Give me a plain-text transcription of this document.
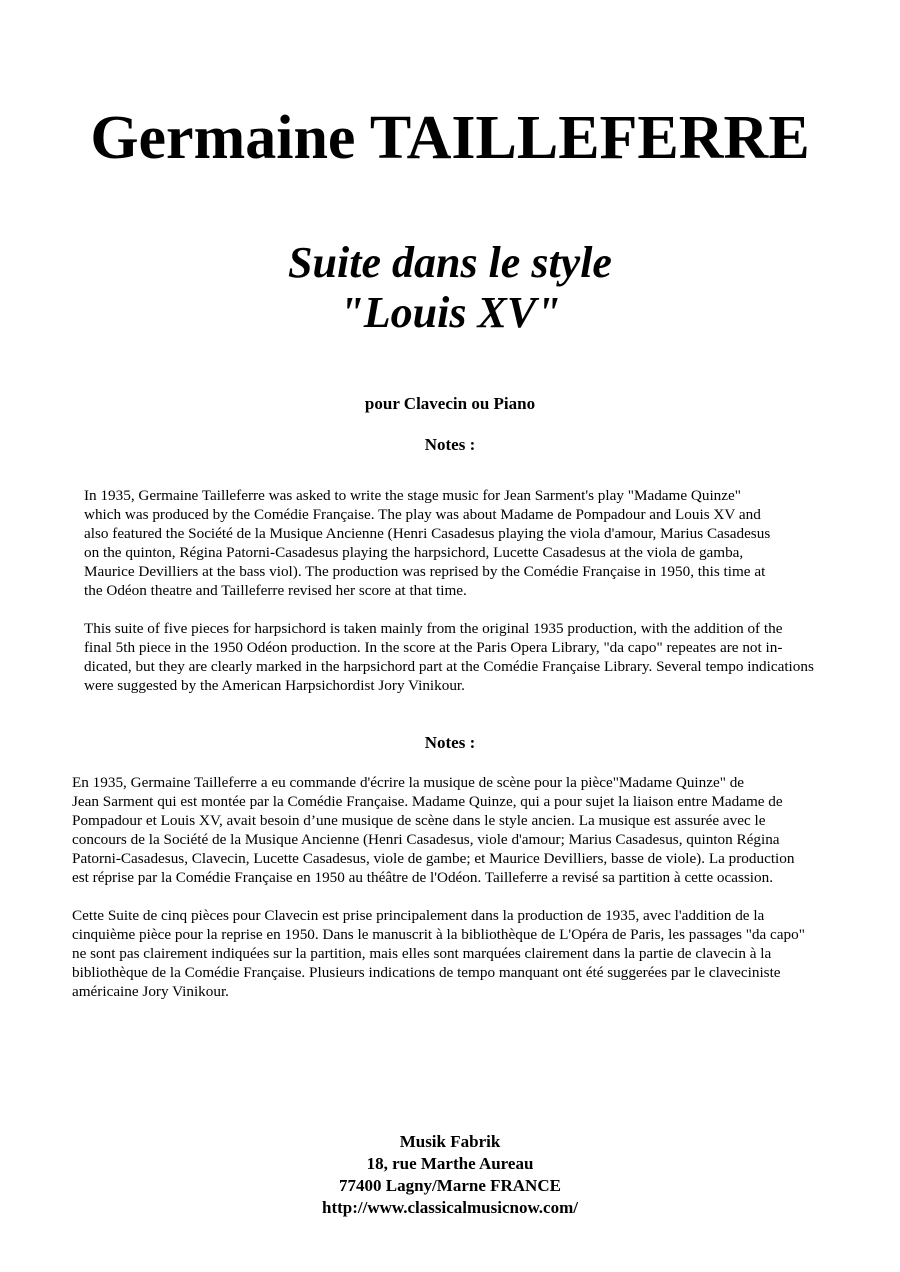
Germaine TAILLEFERRE
Suite dans le style
"Louis XV"
pour Clavecin ou Piano
Notes :
In 1935, Germaine Tailleferre was asked to write the stage music for Jean Sarment's play "Madame Quinze"
which was produced by the Comédie Française. The play was about Madame de Pompadour and Louis XV and
also featured the Société de la Musique Ancienne (Henri Casadesus playing the viola d'amour, Marius Casadesus
on the quinton, Régina Patorni-Casadesus playing the harpsichord, Lucette Casadesus at the viola de gamba,
Maurice Devilliers at the bass viol). The production was reprised by the Comédie Française in 1950, this time at
the Odéon theatre and Tailleferre revised her score at that time.
This suite of five pieces for harpsichord is taken mainly from the original 1935 production, with the addition of the
final 5th piece in the 1950 Odéon production. In the score at the Paris Opera Library, "da capo" repeates are not in-
dicated, but they are clearly marked in the harpsichord part at the Comédie Française Library. Several tempo indications
were suggested by the American Harpsichordist Jory Vinikour.
Notes :
En 1935, Germaine Tailleferre a eu commande d'écrire la musique de scène pour la pièce"Madame Quinze" de
Jean Sarment qui est montée par la Comédie Française. Madame Quinze, qui a pour sujet la liaison entre Madame de
Pompadour et Louis XV, avait besoin d’une musique de scène dans le style ancien. La musique est assurée avec le
concours de la Société de la Musique Ancienne (Henri Casadesus, viole d'amour; Marius Casadesus, quinton Régina
Patorni-Casadesus, Clavecin, Lucette Casadesus, viole de gambe; et Maurice Devilliers, basse de viole). La production
est réprise par la Comédie Française en 1950 au théâtre de l'Odéon. Tailleferre a revisé sa partition à cette ocassion.
Cette Suite de cinq pièces pour Clavecin est prise principalement dans la production de 1935, avec l'addition de la
cinquième pièce pour la reprise en 1950. Dans le manuscrit à la bibliothèque de L'Opéra de Paris, les passages "da capo"
ne sont pas clairement indiquées sur la partition, mais elles sont marquées clairement dans la partie de clavecin à la
bibliothèque de la Comédie Française. Plusieurs indications de tempo manquant ont été suggerées par le claveciniste
américaine Jory Vinikour.
Musik Fabrik
18, rue Marthe Aureau
77400 Lagny/Marne FRANCE
http://www.classicalmusicnow.com/
